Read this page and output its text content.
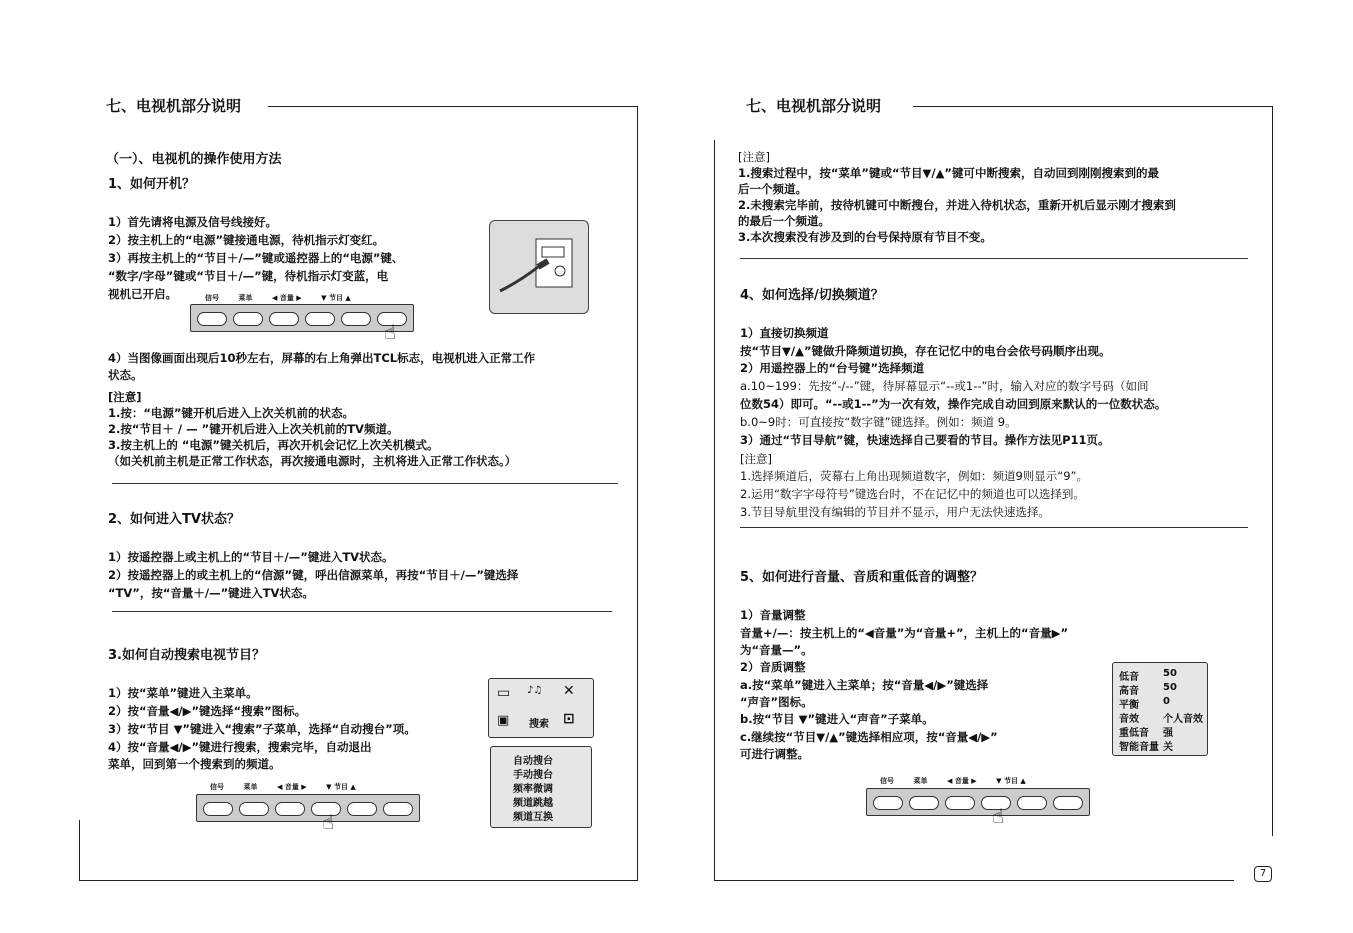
七、电视机部分说明
（一）、电视机的操作使用方法
1、如何开机？
1）首先请将电源及信号线接好。
2）按主机上的“电源”键接通电源，待机指示灯变红。
3）再按主机上的“节目＋/—”键或遥控器上的“电源”键、
“数字/字母”键或“节目＋/—”键，待机指示灯变蓝，电
视机已开启。	信号	菜单	◀ 音量 ▶	▼ 节目 ▲
☝
4）当图像画面出现后10秒左右，屏幕的右上角弹出TCL标志，电视机进入正常工作
状态。
[注意]
1.按：“电源”键开机后进入上次关机前的状态。
2.按“节目＋ / — ”键开机后进入上次关机前的TV频道。
3.按主机上的 “电源”键关机后，再次开机会记忆上次关机模式。
（如关机前主机是正常工作状态，再次接通电源时，主机将进入正常工作状态。）
2、如何进入TV状态？
1）按遥控器上或主机上的“节目＋/—”键进入TV状态。
2）按遥控器上的或主机上的“信源”键，呼出信源菜单，再按“节目＋/—”键选择
“TV”，按“音量＋/—”键进入TV状态。
3.如何自动搜索电视节目？
1）按“菜单”键进入主菜单。
2）按“音量◀/▶”键选择“搜索”图标。
3）按“节目 ▼”键进入“搜索”子菜单，选择“自动搜台”项。
4）按“音量◀/▶”键进行搜索，搜索完毕，自动退出
菜单，回到第一个搜索到的频道。
▭ ♪♫ ✕
▣ 搜索 ⊡
自动搜台
手动搜台
频率微调
频道跳越
频道互换
信号	菜单	◀ 音量 ▶	▼ 节目 ▲
☝
七、电视机部分说明
7
[注意]
1.搜索过程中，按“菜单”键或“节目▼/▲”键可中断搜索，自动回到刚刚搜索到的最
后一个频道。
2.未搜索完毕前，按待机键可中断搜台，并进入待机状态，重新开机后显示刚才搜索到
的最后一个频道。
3.本次搜索没有涉及到的台号保持原有节目不变。
4、如何选择/切换频道？
1）直接切换频道
按“节目▼/▲”键做升降频道切换，存在记忆中的电台会依号码顺序出现。
2）用遥控器上的“台号键”选择频道
a.10~199：先按“-/--”键，待屏幕显示“--或1--”时，输入对应的数字号码（如间
位数54）即可。“--或1--”为一次有效，操作完成自动回到原来默认的一位数状态。
b.0~9时：可直接按“数字键”键选择。例如：频道 9。
3）通过“节目导航”键，快速选择自己要看的节目。操作方法见P11页。
[注意]
1.选择频道后，荧幕右上角出现频道数字，例如：频道9则显示“9”。
2.运用“数字字母符号”键选台时，不在记忆中的频道也可以选择到。
3.节目导航里没有编辑的节目并不显示，用户无法快速选择。
5、如何进行音量、音质和重低音的调整？
1）音量调整
音量+/—：按主机上的“◀音量”为“音量+”，主机上的“音量▶”
为“音量—”。
2）音质调整
a.按“菜单”键进入主菜单；按“音量◀/▶”键选择
“声音”图标。
b.按“节目 ▼”键进入“声音”子菜单。
c.继续按“节目▼/▲”键选择相应项，按“音量◀/▶”
可进行调整。
低音 50
高音 50
平衡 0
音效 个人音效
重低音 强
智能音量 关
信号	菜单	◀ 音量 ▶	▼ 节目 ▲
☝
